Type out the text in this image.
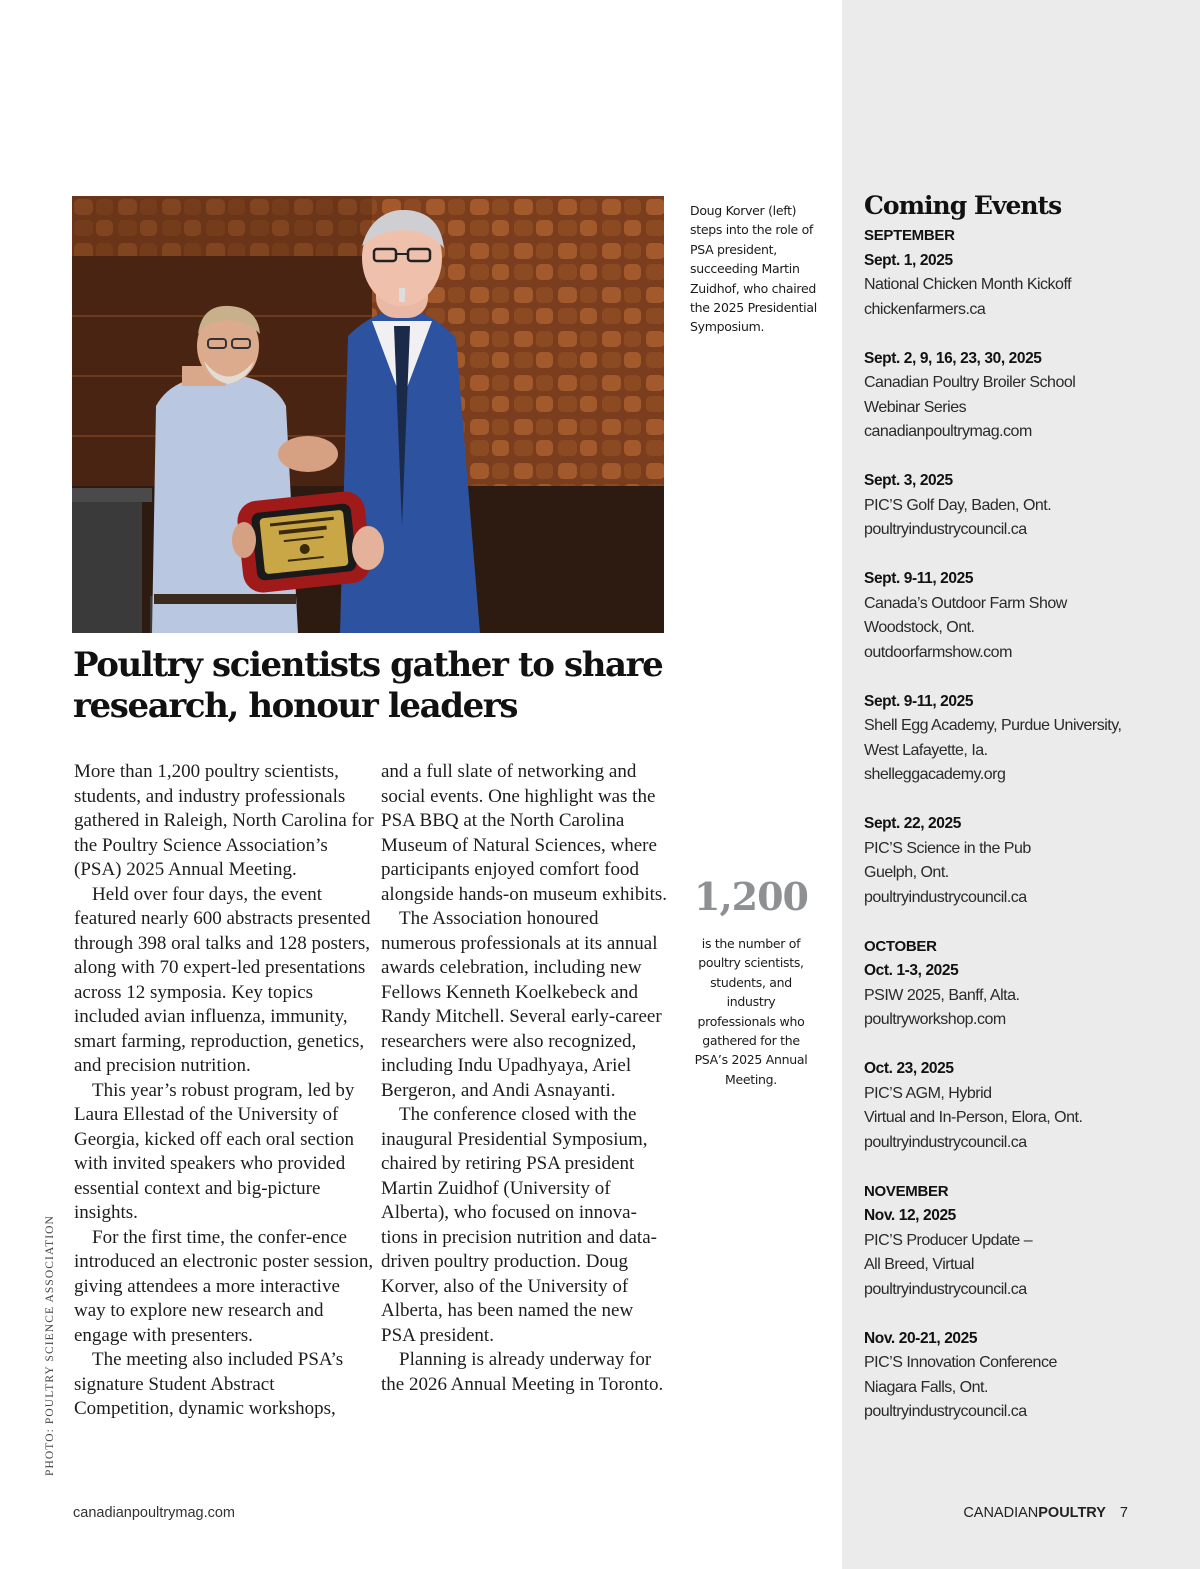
PHOTO: POULTRY SCIENCE ASSOCIATION
Doug Korver (left) steps into the role of PSA president, succeeding Martin Zuidhof, who chaired the 2025 Presidential Symposium.
Poultry scientists gather to share
research, honour leaders

More than 1,200 poultry scientists, students, and industry professionals gathered in Raleigh, North Carolina for the Poultry Science Association’s (PSA) 2025 Annual Meeting.

Held over four days, the event featured nearly 600 abstracts presented through 398 oral talks and 128 posters, along with 70 expert-led presentations across 12 symposia. Key topics included avian influenza, immunity, smart farming, reproduction, genetics, and precision nutrition.

This year’s robust program, led by Laura Ellestad of the University of Georgia, kicked off each oral section with invited speakers who provided essential context and big-picture insights.

For the first time, the confer-ence introduced an electronic poster session, giving attendees a more interactive way to explore new research and engage with presenters.

The meeting also included PSA’s signature Student Abstract Competition, dynamic workshops,

and a full slate of networking and social events. One highlight was the PSA BBQ at the North Carolina Museum of Natural Sciences, where participants enjoyed comfort food alongside hands-on museum exhibits.

The Association honoured numerous professionals at its annual awards celebration, including new Fellows Kenneth Koelkebeck and Randy Mitchell. Several early-career researchers were also recognized, including Indu Upadhyaya, Ariel Bergeron, and Andi Asnayanti.

The conference closed with the inaugural Presidential Symposium, chaired by retiring PSA president Martin Zuidhof (University of Alberta), who focused on innova-tions in precision nutrition and data-driven poultry production. Doug Korver, also of the University of Alberta, has been named the new PSA president.

Planning is already underway for the 2026 Annual Meeting in Toronto.

1,200
is the number of poultry scientists, students, and industry professionals who gathered for the PSA’s 2025 Annual Meeting.
Coming Events
SEPTEMBER
Sept. 1, 2025
National Chicken Month Kickoff
chickenfarmers.ca
Sept. 2, 9, 16, 23, 30, 2025
Canadian Poultry Broiler School
Webinar Series
canadianpoultrymag.com
Sept. 3, 2025
PIC’S Golf Day, Baden, Ont.
poultryindustrycouncil.ca
Sept. 9-11, 2025
Canada’s Outdoor Farm Show
Woodstock, Ont.
outdoorfarmshow.com
Sept. 9-11, 2025
Shell Egg Academy, Purdue University,
West Lafayette, Ia.
shelleggacademy.org
Sept. 22, 2025
PIC’S Science in the Pub
Guelph, Ont.
poultryindustrycouncil.ca
OCTOBER
Oct. 1-3, 2025
PSIW 2025, Banff, Alta.
poultryworkshop.com
Oct. 23, 2025
PIC’S AGM, Hybrid
Virtual and In-Person, Elora, Ont.
poultryindustrycouncil.ca
NOVEMBER
Nov. 12, 2025
PIC’S Producer Update –
All Breed, Virtual
poultryindustrycouncil.ca
Nov. 20-21, 2025
PIC’S Innovation Conference
Niagara Falls, Ont.
poultryindustrycouncil.ca
canadianpoultrymag.com	CANADIANPOULTRY 7
